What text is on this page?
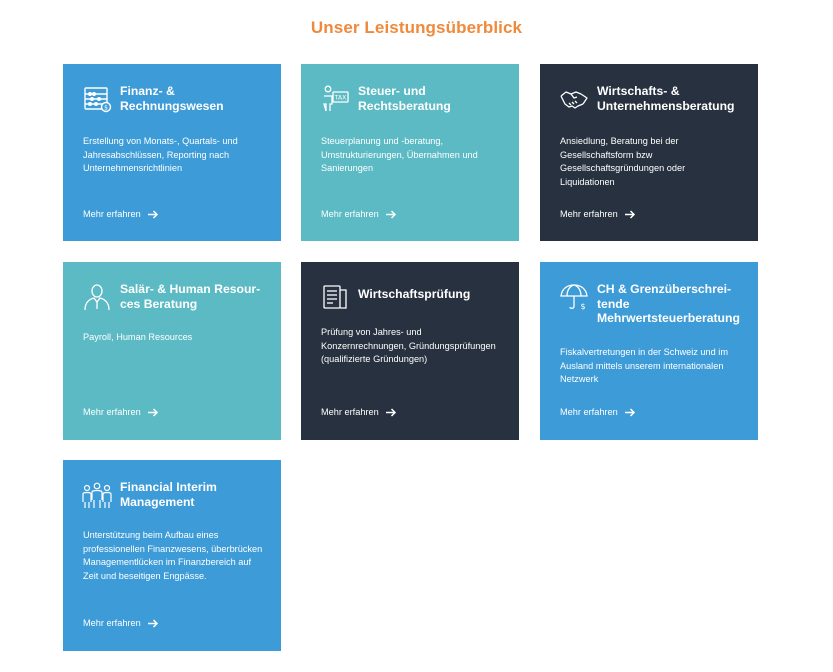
Unser Leistungsüberblick
$
Finanz- &
Rechnungswesen
Erstellung von Monats-, Quartals- und Jahresabschlüssen, Reporting nach Unternehmensrichtlinien
Mehr erfahren
TAX Steuer- und
Rechtsberatung
Steuerplanung und -beratung, Umstrukturierungen, Übernahmen und Sanierungen
Mehr erfahren
Wirtschafts- &
Unternehmensberatung
Ansiedlung, Beratung bei der Gesellschaftsform bzw Gesellschaftsgründungen oder Liquidationen
Mehr erfahren
Salär- & Human Resour-
ces Beratung
Payroll, Human Resources
Mehr erfahren
Wirtschaftsprüfung
Prüfung von Jahres- und Konzernrechnungen, Gründungsprüfungen (qualifizierte Gründungen)
Mehr erfahren
$
CH & Grenzüberschrei-
tende
Mehrwertsteuerberatung
Fiskalvertretungen in der Schweiz und im Ausland mittels unserem internationalen Netzwerk
Mehr erfahren
Financial Interim
Management
Unterstützung beim Aufbau eines professionellen Finanzwesens, überbrücken Managementlücken im Finanzbereich auf Zeit und beseitigen Engpässe.
Mehr erfahren
